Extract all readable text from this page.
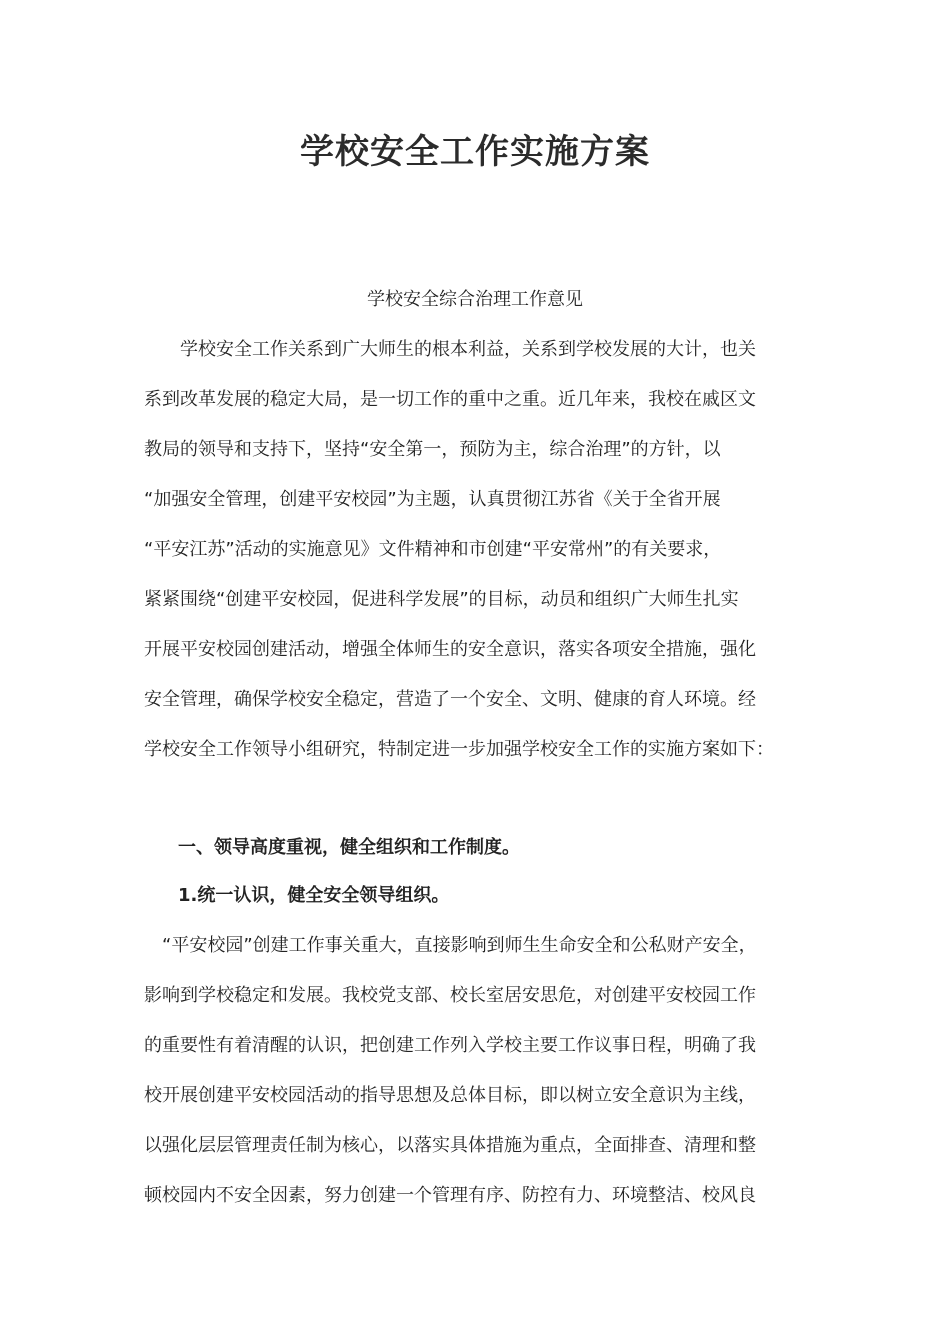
学校安全工作实施方案

学校安全综合治理工作意见

　　学校安全工作关系到广大师生的根本利益，关系到学校发展的大计，也关
系到改革发展的稳定大局，是一切工作的重中之重。近几年来，我校在戚区文
教局的领导和支持下，坚持“安全第一，预防为主，综合治理”的方针，以
“加强安全管理，创建平安校园”为主题，认真贯彻江苏省《关于全省开展
“平安江苏”活动的实施意见》文件精神和市创建“平安常州”的有关要求，
紧紧围绕“创建平安校园，促进科学发展”的目标，动员和组织广大师生扎实
开展平安校园创建活动，增强全体师生的安全意识，落实各项安全措施，强化
安全管理，确保学校安全稳定，营造了一个安全、文明、健康的育人环境。经
学校安全工作领导小组研究，特制定进一步加强学校安全工作的实施方案如下：

一、领导高度重视，健全组织和工作制度。

1.统一认识，健全安全领导组织。

　“平安校园”创建工作事关重大，直接影响到师生生命安全和公私财产安全，
影响到学校稳定和发展。我校党支部、校长室居安思危，对创建平安校园工作
的重要性有着清醒的认识，把创建工作列入学校主要工作议事日程，明确了我
校开展创建平安校园活动的指导思想及总体目标，即以树立安全意识为主线，
以强化层层管理责任制为核心，以落实具体措施为重点，全面排查、清理和整
顿校园内不安全因素，努力创建一个管理有序、防控有力、环境整洁、校风良
